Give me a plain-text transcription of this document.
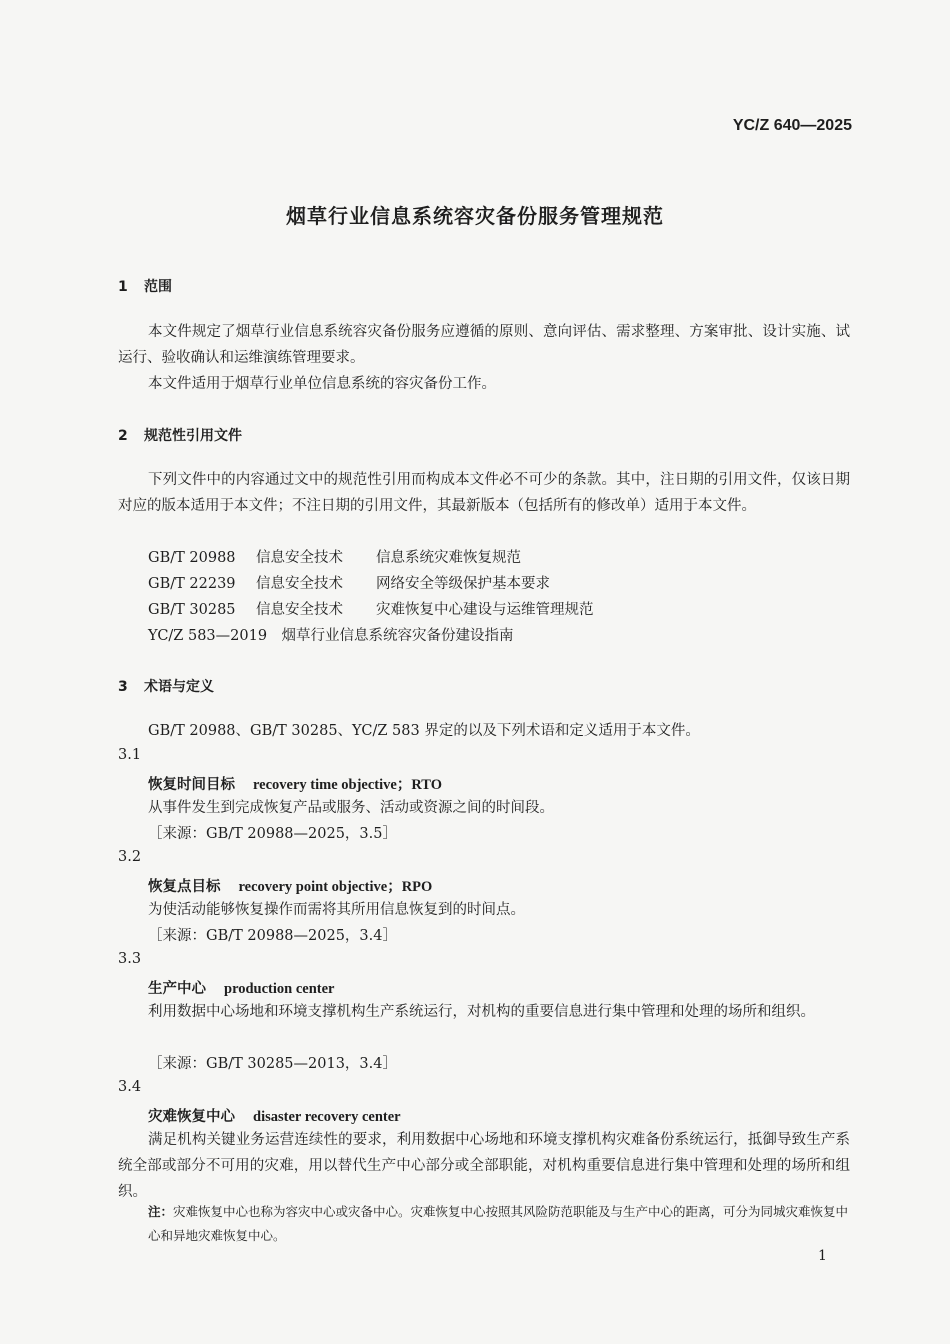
YC/Z 640—2025
烟草行业信息系统容灾备份服务管理规范
1 范围
本文件规定了烟草行业信息系统容灾备份服务应遵循的原则、意向评估、需求整理、方案审批、设计实施、试运行、验收确认和运维演练管理要求。
本文件适用于烟草行业单位信息系统的容灾备份工作。
2 规范性引用文件
下列文件中的内容通过文中的规范性引用而构成本文件必不可少的条款。其中，注日期的引用文件，仅该日期对应的版本适用于本文件；不注日期的引用文件，其最新版本（包括所有的修改单）适用于本文件。
GB/T 20988 信息安全技术 信息系统灾难恢复规范
GB/T 22239 信息安全技术 网络安全等级保护基本要求
GB/T 30285 信息安全技术 灾难恢复中心建设与运维管理规范
YC/Z 583—2019　烟草行业信息系统容灾备份建设指南
3 术语与定义
GB/T 20988、GB/T 30285、YC/Z 583 界定的以及下列术语和定义适用于本文件。
3.1
恢复时间目标 recovery time objective；RTO
从事件发生到完成恢复产品或服务、活动或资源之间的时间段。
［来源：GB/T 20988—2025，3.5］
3.2
恢复点目标 recovery point objective；RPO
为使活动能够恢复操作而需将其所用信息恢复到的时间点。
［来源：GB/T 20988—2025，3.4］
3.3
生产中心 production center
利用数据中心场地和环境支撑机构生产系统运行，对机构的重要信息进行集中管理和处理的场所和组织。
［来源：GB/T 30285—2013，3.4］
3.4
灾难恢复中心 disaster recovery center
满足机构关键业务运营连续性的要求，利用数据中心场地和环境支撑机构灾难备份系统运行，抵御导致生产系统全部或部分不可用的灾难，用以替代生产中心部分或全部职能，对机构重要信息进行集中管理和处理的场所和组织。
注：灾难恢复中心也称为容灾中心或灾备中心。灾难恢复中心按照其风险防范职能及与生产中心的距离，可分为同城灾难恢复中心和异地灾难恢复中心。
1
